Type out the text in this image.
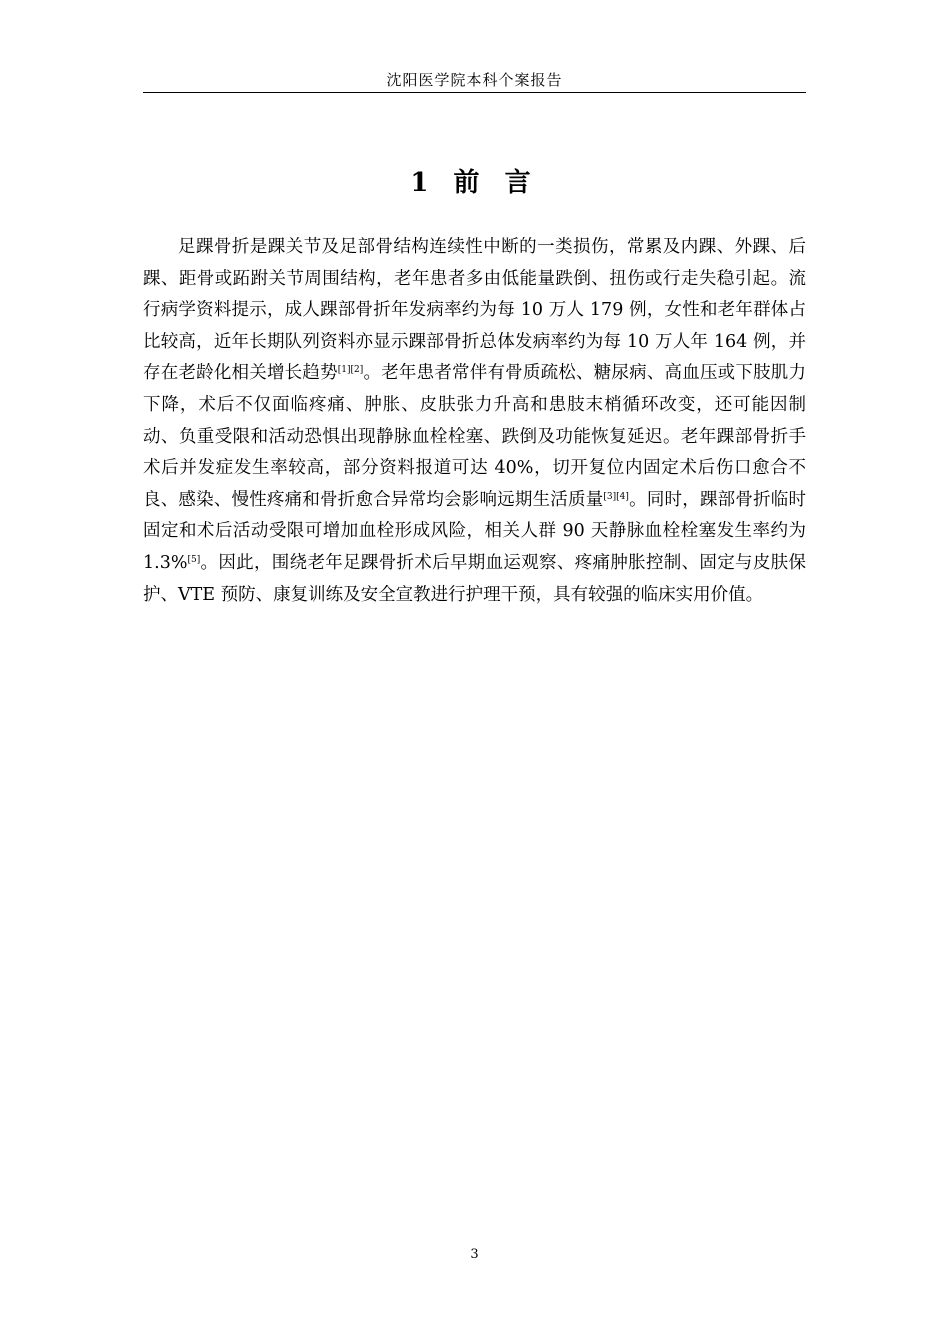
沈阳医学院本科个案报告
1 前 言

足踝骨折是踝关节及足部骨结构连续性中断的一类损伤，常累及内踝、外踝、后踝、距骨或跖跗关节周围结构，老年患者多由低能量跌倒、扭伤或行走失稳引起。流行病学资料提示，成人踝部骨折年发病率约为每 10 万人 179 例，女性和老年群体占比较高，近年长期队列资料亦显示踝部骨折总体发病率约为每 10 万人年 164 例，并存在老龄化相关增长趋势[1][2]。老年患者常伴有骨质疏松、糖尿病、高血压或下肢肌力下降，术后不仅面临疼痛、肿胀、皮肤张力升高和患肢末梢循环改变，还可能因制动、负重受限和活动恐惧出现静脉血栓栓塞、跌倒及功能恢复延迟。老年踝部骨折手术后并发症发生率较高，部分资料报道可达 40%，切开复位内固定术后伤口愈合不良、感染、慢性疼痛和骨折愈合异常均会影响远期生活质量[3][4]。同时，踝部骨折临时固定和术后活动受限可增加血栓形成风险，相关人群 90 天静脉血栓栓塞发生率约为 1.3%[5]。因此，围绕老年足踝骨折术后早期血运观察、疼痛肿胀控制、固定与皮肤保护、VTE 预防、康复训练及安全宣教进行护理干预，具有较强的临床实用价值。

3
